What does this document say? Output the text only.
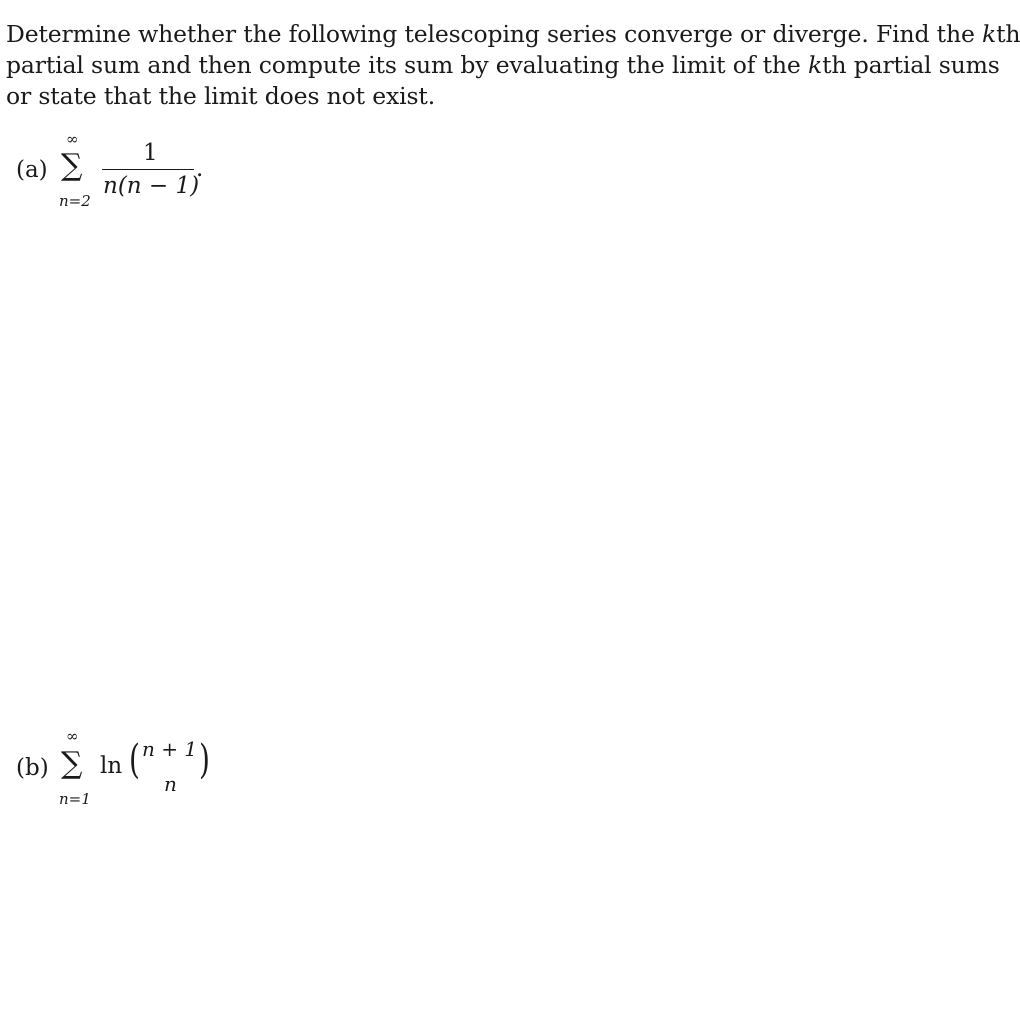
Determine whether the following telescoping series converge or diverge. Find the kth
partial sum and then compute its sum by evaluating the limit of the kth partial sums
or state that the limit does not exist.
(a)
∞
∑
n=2
1
n(n − 1)
.
(b)
∞
∑
n=1
ln ( n + 1
n
)
